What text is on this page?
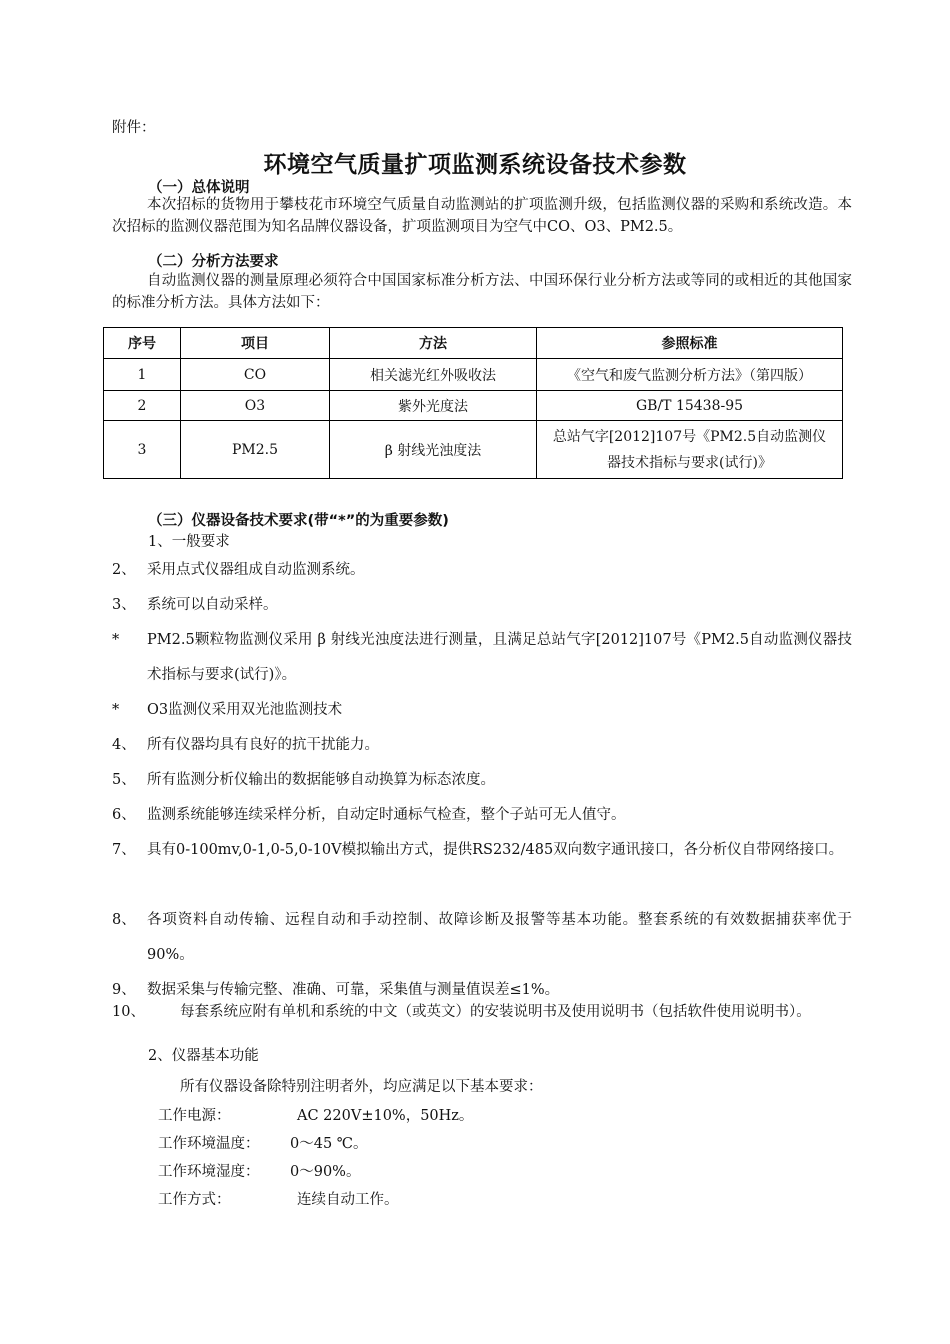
附件：
环境空气质量扩项监测系统设备技术参数
（一）总体说明
本次招标的货物用于攀枝花市环境空气质量自动监测站的扩项监测升级，包括监测仪器的采购和系统改造。本次招标的监测仪器范围为知名品牌仪器设备，扩项监测项目为空气中CO、O3、PM2.5。
（二）分析方法要求
自动监测仪器的测量原理必须符合中国国家标准分析方法、中国环保行业分析方法或等同的或相近的其他国家的标准分析方法。具体方法如下：
序号	项目	方法	参照标准
1	CO	相关滤光红外吸收法	《空气和废气监测分析方法》（第四版）
2	O3	紫外光度法	GB/T 15438-95
3	PM2.5	β 射线光浊度法	总站气字[2012]107号《PM2.5自动监测仪
器技术指标与要求(试行)》
（三）仪器设备技术要求(带“*”的为重要参数)
1、一般要求
2、 采用点式仪器组成自动监测系统。
3、 系统可以自动采样。
* PM2.5颗粒物监测仪采用 β 射线光浊度法进行测量，且满足总站气字[2012]107号《PM2.5自动监测仪器技术指标与要求(试行)》。
* O3监测仪采用双光池监测技术
4、 所有仪器均具有良好的抗干扰能力。
5、 所有监测分析仪输出的数据能够自动换算为标态浓度。
6、 监测系统能够连续采样分析，自动定时通标气检查，整个子站可无人值守。
7、 具有0-100mv,0-1,0-5,0-10V模拟输出方式，提供RS232/485双向数字通讯接口，各分析仪自带网络接口。
8、 各项资料自动传输、远程自动和手动控制、故障诊断及报警等基本功能。整套系统的有效数据捕获率优于90%。
9、 数据采集与传输完整、准确、可靠，采集值与测量值误差≤1%。
10、 每套系统应附有单机和系统的中文（或英文）的安装说明书及使用说明书（包括软件使用说明书）。
2、仪器基本功能
所有仪器设备除特别注明者外，均应满足以下基本要求：
工作电源：	AC 220V±10%，50Hz。
工作环境温度： 0～45 ℃。
工作环境湿度： 0～90%。
工作方式：	连续自动工作。
